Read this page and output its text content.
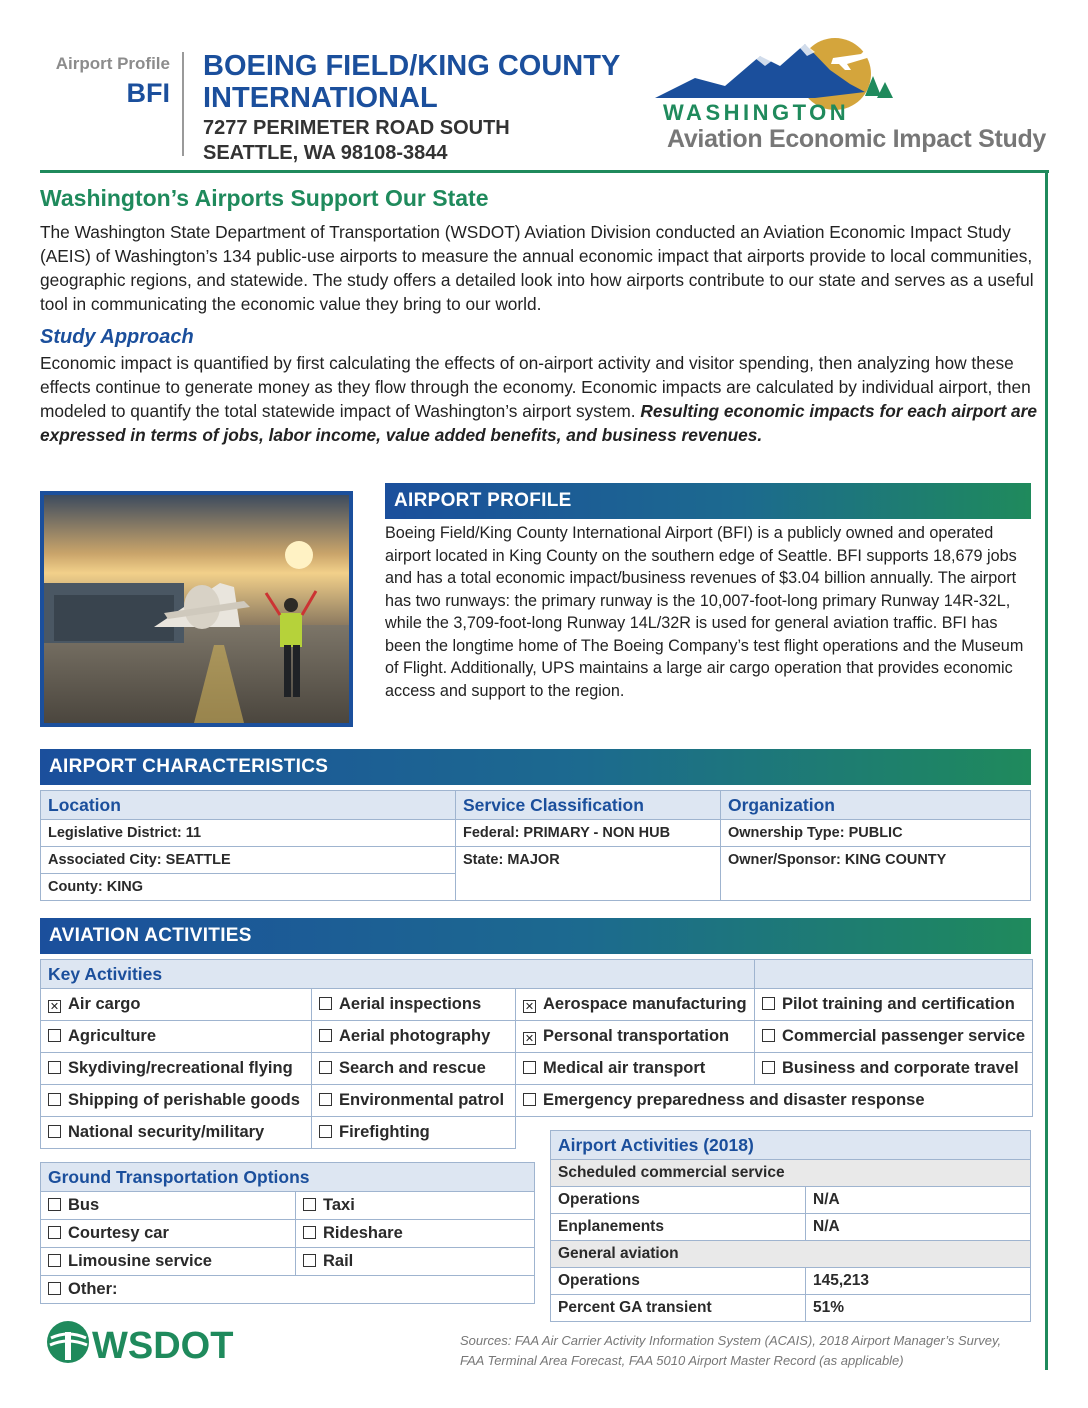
Airport Profile
BFI
BOEING FIELD/KING COUNTY
INTERNATIONAL
7277 PERIMETER ROAD SOUTH
SEATTLE, WA 98108-3844
WASHINGTON
Aviation Economic Impact Study
Washington’s Airports Support Our State
The Washington State Department of Transportation (WSDOT) Aviation Division conducted an Aviation Economic Impact Study (AEIS) of Washington’s 134 public-use airports to measure the annual economic impact that airports provide to local communities, geographic regions, and statewide. The study offers a detailed look into how airports contribute to our state and serves as a useful tool in communicating the economic value they bring to our world.
Study Approach
Economic impact is quantified by first calculating the effects of on-airport activity and visitor spending, then analyzing how these effects continue to generate money as they flow through the economy. Economic impacts are calculated by individual airport, then modeled to quantify the total statewide impact of Washington’s airport system. Resulting economic impacts for each airport are expressed in terms of jobs, labor income, value added benefits, and business revenues.
AIRPORT PROFILE
Boeing Field/King County International Airport (BFI) is a publicly owned and operated airport located in King County on the southern edge of Seattle. BFI supports 18,679 jobs and has a total economic impact/business revenues of $3.04 billion annually. The airport has two runways: the primary runway is the 10,007-foot-long primary Runway 14R-32L, while the 3,709-foot-long Runway 14L/32R is used for general aviation traffic. BFI has been the longtime home of The Boeing Company’s test flight operations and the Museum of Flight. Additionally, UPS maintains a large air cargo operation that provides economic access and support to the region.
AIRPORT CHARACTERISTICS
Location	Service Classification	Organization
Legislative District: 11	Federal: PRIMARY - NON HUB	Ownership Type: PUBLIC
Associated City: SEATTLE	State: MAJOR	Owner/Sponsor: KING COUNTY
County: KING		
AVIATION ACTIVITIES
Key Activities			
✕Air cargo	Aerial inspections	✕Aerospace manufacturing	Pilot training and certification
Agriculture	Aerial photography	✕Personal transportation	Commercial passenger service
Skydiving/recreational flying	Search and rescue	Medical air transport	Business and corporate travel
Shipping of perishable goods	Environmental patrol	Emergency preparedness and disaster response	
National security/military	Firefighting		
Ground Transportation Options	
Bus	Taxi
Courtesy car	Rideshare
Limousine service	Rail
Other:	
Airport Activities (2018)	
Scheduled commercial service	
Operations	N/A
Enplanements	N/A
General aviation	
Operations	145,213
Percent GA transient	51%
WSDOT	Sources: FAA Air Carrier Activity Information System (ACAIS), 2018 Airport Manager’s Survey,
FAA Terminal Area Forecast, FAA 5010 Airport Master Record (as applicable)
